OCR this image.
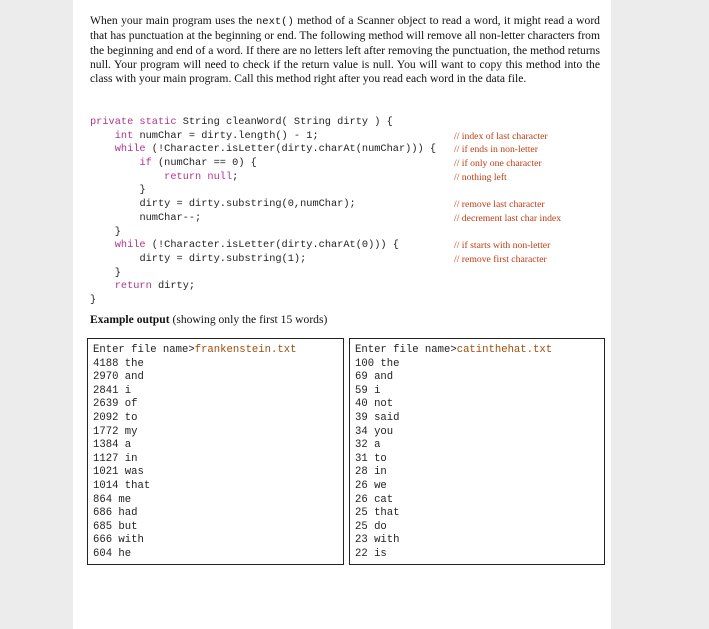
When your main program uses the next() method of a Scanner object to read a word, it might read a word that has punctuation at the beginning or end. The following method will remove all non-letter characters from the beginning and end of a word. If there are no letters left after removing the punctuation, the method returns null. Your program will need to check if the return value is null. You will want to copy this method into the class with your main program. Call this method right after you read each word in the data file.

private static String cleanWord( String dirty ) {
int numChar = dirty.length() - 1;	// index of last character
while (!Character.isLetter(dirty.charAt(numChar))) { // if ends in non-letter
if (numChar == 0) {	// if only one character
return null;	// nothing left
}
dirty = dirty.substring(0,numChar);	// remove last character
numChar--;	// decrement last char index
}
while (!Character.isLetter(dirty.charAt(0))) {	// if starts with non-letter
dirty = dirty.substring(1);	// remove first character
}
return dirty;
}
Example output (showing only the first 15 words)
Enter file name>frankenstein.txt
4188 the
2970 and
2841 i
2639 of
2092 to
1772 my
1384 a
1127 in
1021 was
1014 that
864 me
686 had
685 but
666 with
604 he
Enter file name>catinthehat.txt
100 the
69 and
59 i
40 not
39 said
34 you
32 a
31 to
28 in
26 we
26 cat
25 that
25 do
23 with
22 is
